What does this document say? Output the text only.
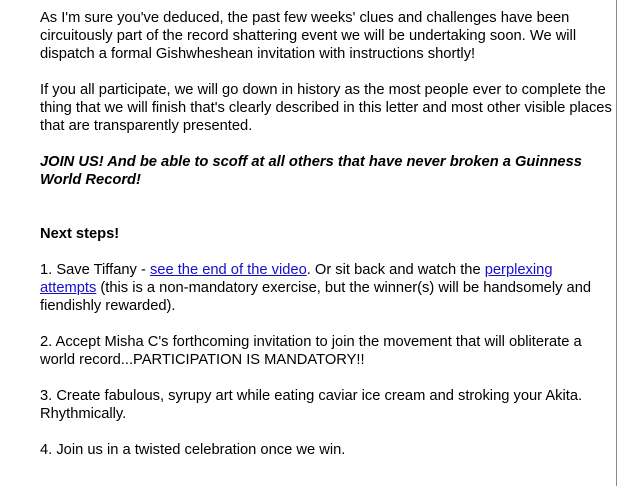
As I'm sure you've deduced, the past few weeks' clues and challenges have been circuitously part of the record shattering event we will be undertaking soon. We will dispatch a formal Gishwheshean invitation with instructions shortly!

If you all participate, we will go down in history as the most people ever to complete the thing that we will finish that's clearly described in this letter and most other visible places that are transparently presented.

JOIN US! And be able to scoff at all others that have never broken a Guinness World Record!

Next steps!

1. Save Tiffany - see the end of the video. Or sit back and watch the perplexing attempts (this is a non-mandatory exercise, but the winner(s) will be handsomely and fiendishly rewarded).

2. Accept Misha C's forthcoming invitation to join the movement that will obliterate a world record...PARTICIPATION IS MANDATORY!!

3. Create fabulous, syrupy art while eating caviar ice cream and stroking your Akita. Rhythmically.

4. Join us in a twisted celebration once we win.
